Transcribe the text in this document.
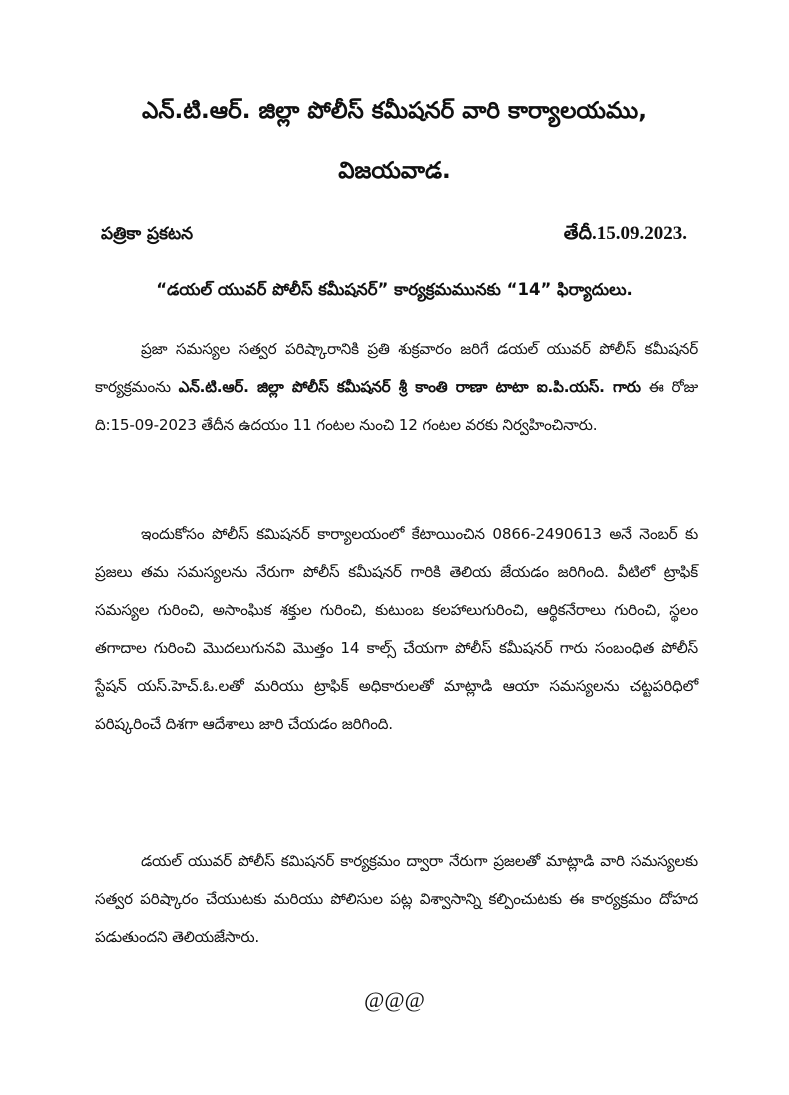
ఎన్.టి.ఆర్. జిల్లా పోలీస్ కమీషనర్ వారి కార్యాలయము,
విజయవాడ.
పత్రికా ప్రకటన	తేదీ.15.09.2023.
“డయల్ యువర్ పోలీస్ కమీషనర్” కార్యక్రమమునకు “14” ఫిర్యాదులు.
ప్రజా సమస్యల సత్వర పరిష్కారానికి ప్రతి శుక్రవారం జరిగే డయల్ యువర్ పోలీస్ కమీషనర్ కార్యక్రమంను ఎన్.టి.ఆర్. జిల్లా పోలీస్ కమీషనర్ శ్రీ కాంతి రాణా టాటా ఐ.పి.యస్. గారు ఈ రోజు ది:15-09-2023 తేదీన ఉదయం 11 గంటల నుంచి 12 గంటల వరకు నిర్వహించినారు.
ఇందుకోసం పోలీస్ కమిషనర్ కార్యాలయంలో కేటాయించిన 0866-2490613 అనే నెంబర్ కు ప్రజలు తమ సమస్యలను నేరుగా పోలీస్ కమీషనర్ గారికి తెలియ జేయడం జరిగింది. వీటిలో ట్రాఫిక్ సమస్యల గురించి, అసాంఘిక శక్తుల గురించి, కుటుంబ కలహాలుగురించి, ఆర్థికనేరాలు గురించి, స్థలం తగాదాల గురించి మొదలుగునవి మొత్తం 14 కాల్స్ చేయగా పోలీస్ కమీషనర్ గారు సంబంధిత పోలీస్ స్టేషన్ యస్.హెచ్.ఓ.లతో మరియు ట్రాఫిక్ అధికారులతో మాట్లాడి ఆయా సమస్యలను చట్టపరిధిలో పరిష్కరించే దిశగా ఆదేశాలు జారి చేయడం జరిగింది.
డయల్ యువర్ పోలీస్ కమిషనర్ కార్యక్రమం ద్వారా నేరుగా ప్రజలతో మాట్లాడి వారి సమస్యలకు సత్వర పరిష్కారం చేయుటకు మరియు పోలిసుల పట్ల విశ్వాసాన్ని కల్పించుటకు ఈ కార్యక్రమం దోహద పడుతుందని తెలియజేసారు.
@@@
